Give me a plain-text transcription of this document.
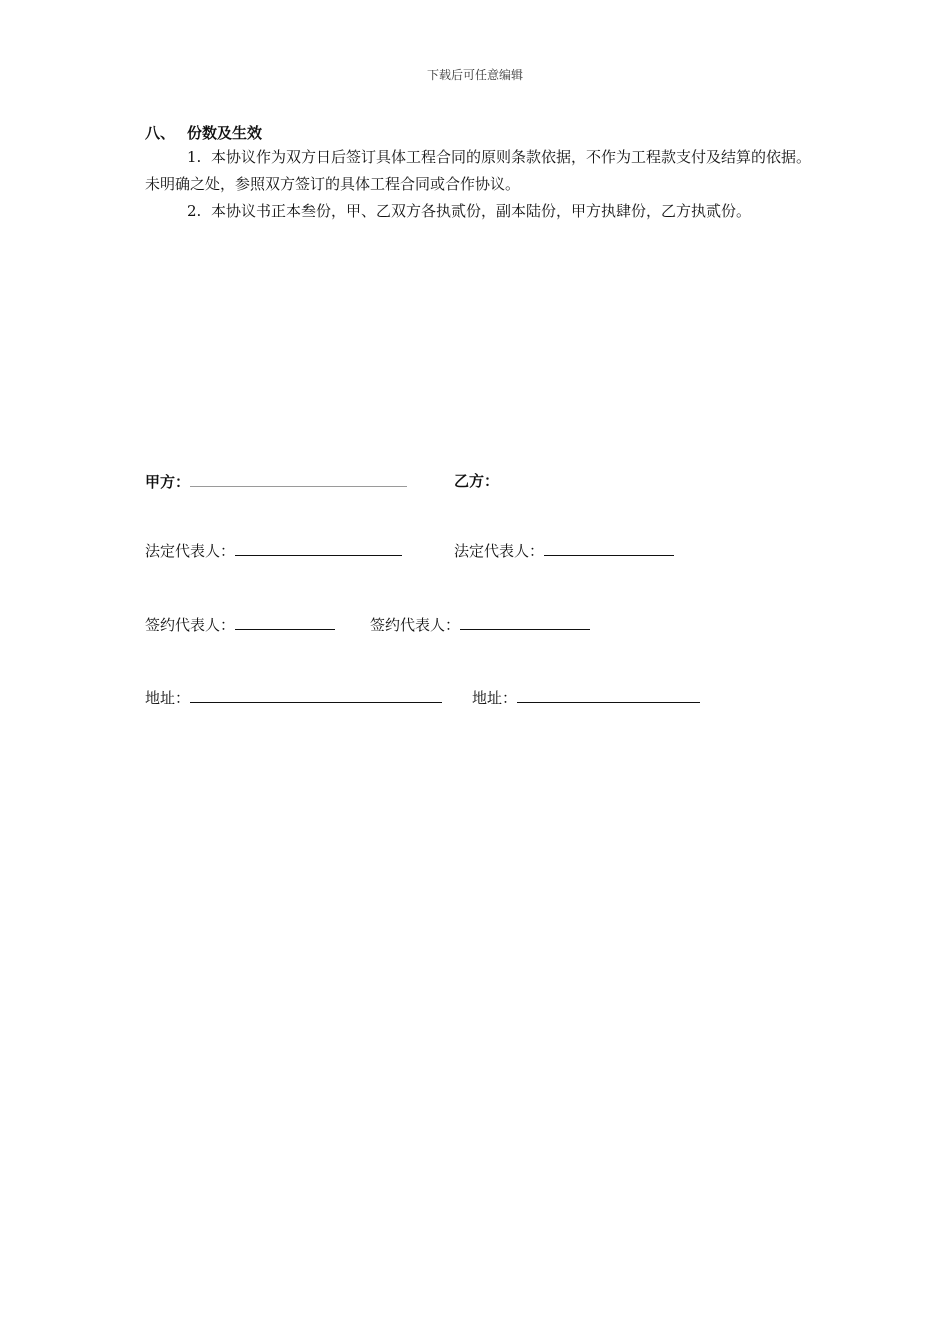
下载后可任意编辑
八、 份数及生效
1. 本协议作为双方日后签订具体工程合同的原则条款依据，不作为工程款支付及结算的依据。未明确之处，参照双方签订的具体工程合同或合作协议。
2. 本协议书正本叁份，甲、乙双方各执贰份，副本陆份，甲方执肆份，乙方执贰份。
甲方：	乙方：
法定代表人：	法定代表人：
签约代表人：	签约代表人：
地址：	地址：
